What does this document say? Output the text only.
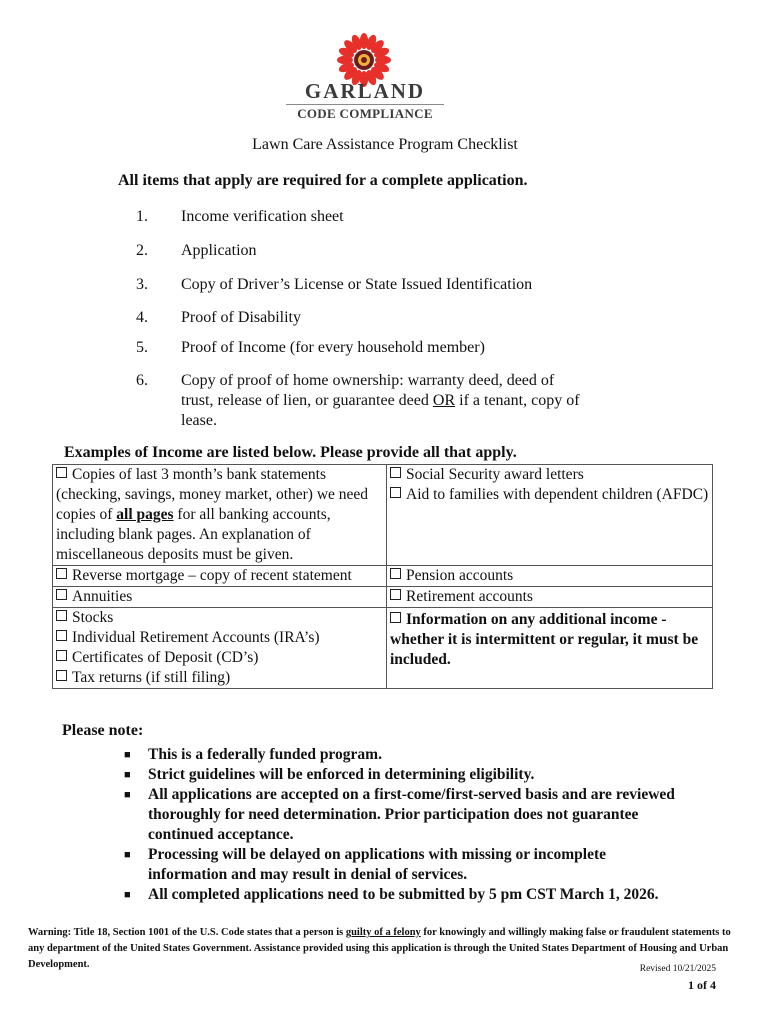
GARLAND
CODE COMPLIANCE
Lawn Care Assistance Program Checklist
All items that apply are required for a complete application.
1. Income verification sheet
2. Application
3. Copy of Driver’s License or State Issued Identification
4. Proof of Disability
5. Proof of Income (for every household member)
6. Copy of proof of home ownership: warranty deed, deed of trust, release of lien, or guarantee deed OR if a tenant, copy of lease.
Examples of Income are listed below. Please provide all that apply.
Copies of last 3 month’s bank statements (checking, savings, money market, other) we need copies of all pages for all banking accounts, including blank pages. An explanation of miscellaneous deposits must be given.	Social Security award letters
Aid to families with dependent children (AFDC)

Reverse mortgage – copy of recent statement	Pension accounts
Annuities	Retirement accounts

Stocks
Individual Retirement Accounts (IRA’s)
Certificates of Deposit (CD’s)
Tax returns (if still filing)	Information on any additional income - whether it is intermittent or regular, it must be included.
Please note:
■ This is a federally funded program.
■ Strict guidelines will be enforced in determining eligibility.
■ All applications are accepted on a first-come/first-served basis and are reviewed thoroughly for need determination. Prior participation does not guarantee continued acceptance.
■ Processing will be delayed on applications with missing or incomplete information and may result in denial of services.
■ All completed applications need to be submitted by 5 pm CST March 1, 2026.
Warning: Title 18, Section 1001 of the U.S. Code states that a person is guilty of a felony for knowingly and willingly making false or fraudulent statements to any department of the United States Government. Assistance provided using this application is through the United States Department of Housing and Urban Development.	Revised 10/21/2025
1 of 4
